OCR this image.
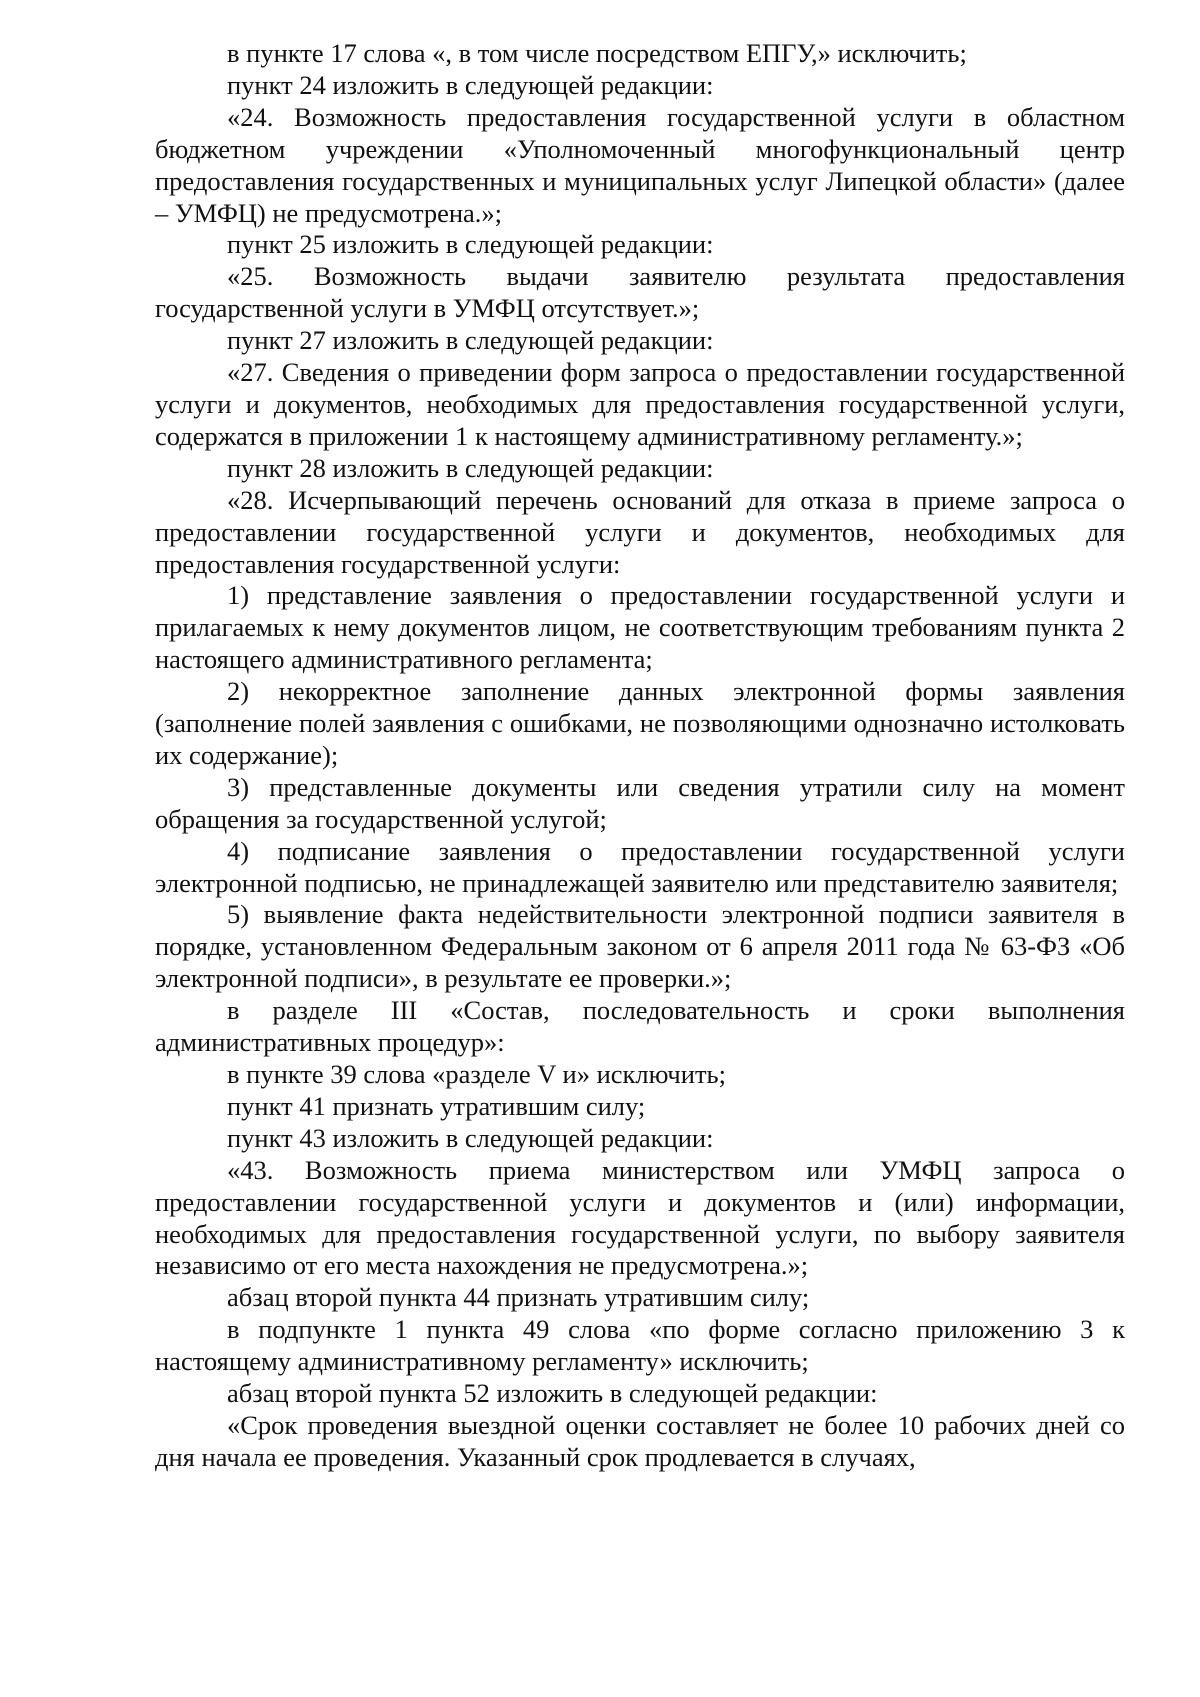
в пункте 17 слова «, в том числе посредством ЕПГУ,» исключить;

пункт 24 изложить в следующей редакции:

«24. Возможность предоставления государственной услуги в областном бюджетном учреждении «Уполномоченный многофункциональный центр предоставления государственных и муниципальных услуг Липецкой области» (далее – УМФЦ) не предусмотрена.»;

пункт 25 изложить в следующей редакции:

«25. Возможность выдачи заявителю результата предоставления государственной услуги в УМФЦ отсутствует.»;

пункт 27 изложить в следующей редакции:

«27. Сведения о приведении форм запроса о предоставлении государственной услуги и документов, необходимых для предоставления государственной услуги, содержатся в приложении 1 к настоящему административному регламенту.»;

пункт 28 изложить в следующей редакции:

«28. Исчерпывающий перечень оснований для отказа в приеме запроса о предоставлении государственной услуги и документов, необходимых для предоставления государственной услуги:

1) представление заявления о предоставлении государственной услуги и прилагаемых к нему документов лицом, не соответствующим требованиям пункта 2 настоящего административного регламента;

2) некорректное заполнение данных электронной формы заявления (заполнение полей заявления с ошибками, не позволяющими однозначно истолковать их содержание);

3) представленные документы или сведения утратили силу на момент обращения за государственной услугой;

4) подписание заявления о предоставлении государственной услуги электронной подписью, не принадлежащей заявителю или представителю заявителя;

5) выявление факта недействительности электронной подписи заявителя в порядке, установленном Федеральным законом от 6 апреля 2011 года № 63-ФЗ «Об электронной подписи», в результате ее проверки.»;

в разделе III «Состав, последовательность и сроки выполнения административных процедур»:

в пункте 39 слова «разделе V и» исключить;

пункт 41 признать утратившим силу;

пункт 43 изложить в следующей редакции:

«43. Возможность приема министерством или УМФЦ запроса о предоставлении государственной услуги и документов и (или) информации, необходимых для предоставления государственной услуги, по выбору заявителя независимо от его места нахождения не предусмотрена.»;

абзац второй пункта 44 признать утратившим силу;

в подпункте 1 пункта 49 слова «по форме согласно приложению 3 к настоящему административному регламенту» исключить;

абзац второй пункта 52 изложить в следующей редакции:

«Срок проведения выездной оценки составляет не более 10 рабочих дней со дня начала ее проведения. Указанный срок продлевается в случаях,
